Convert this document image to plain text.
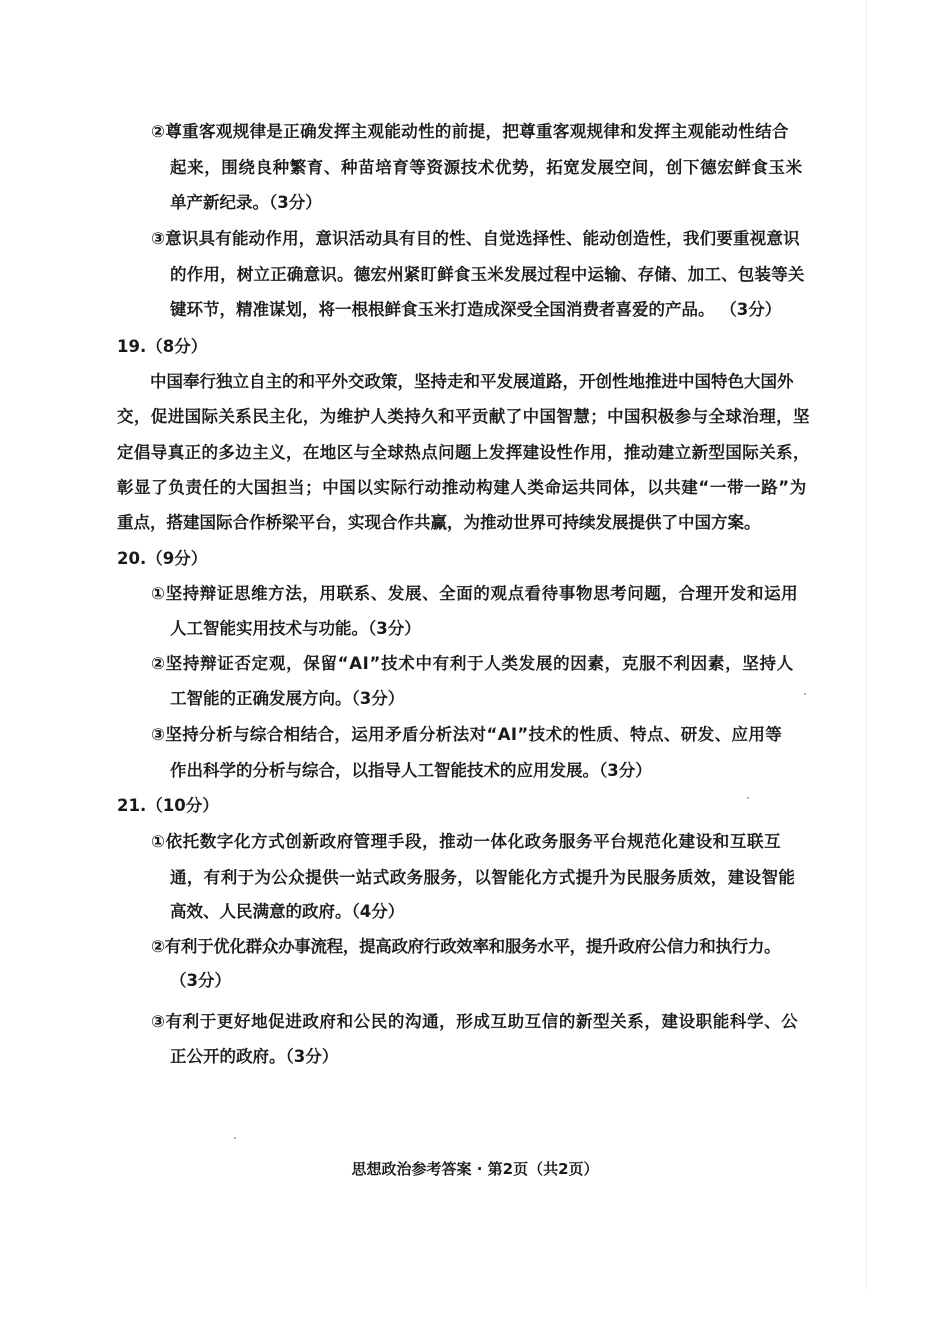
②尊重客观规律是正确发挥主观能动性的前提，把尊重客观规律和发挥主观能动性结合
起来，围绕良种繁育、种苗培育等资源技术优势，拓宽发展空间，创下德宏鲜食玉米
单产新纪录。（3分）
③意识具有能动作用，意识活动具有目的性、自觉选择性、能动创造性，我们要重视意识
的作用，树立正确意识。德宏州紧盯鲜食玉米发展过程中运输、存储、加工、包装等关
键环节，精准谋划，将一根根鲜食玉米打造成深受全国消费者喜爱的产品。 （3分）
19.（8分）
中国奉行独立自主的和平外交政策，坚持走和平发展道路，开创性地推进中国特色大国外
交，促进国际关系民主化，为维护人类持久和平贡献了中国智慧；中国积极参与全球治理，坚
定倡导真正的多边主义，在地区与全球热点问题上发挥建设性作用，推动建立新型国际关系，
彰显了负责任的大国担当；中国以实际行动推动构建人类命运共同体，以共建“一带一路”为
重点，搭建国际合作桥梁平台，实现合作共赢，为推动世界可持续发展提供了中国方案。
20.（9分）
①坚持辩证思维方法，用联系、发展、全面的观点看待事物思考问题，合理开发和运用
人工智能实用技术与功能。（3分）
②坚持辩证否定观，保留“AI”技术中有利于人类发展的因素，克服不利因素，坚持人
工智能的正确发展方向。（3分）
③坚持分析与综合相结合，运用矛盾分析法对“AI”技术的性质、特点、研发、应用等
作出科学的分析与综合，以指导人工智能技术的应用发展。（3分）
21.（10分）
①依托数字化方式创新政府管理手段，推动一体化政务服务平台规范化建设和互联互
通，有利于为公众提供一站式政务服务，以智能化方式提升为民服务质效，建设智能
高效、人民满意的政府。（4分）
②有利于优化群众办事流程，提高政府行政效率和服务水平，提升政府公信力和执行力。
（3分）
③有利于更好地促进政府和公民的沟通，形成互助互信的新型关系，建设职能科学、公
正公开的政府。（3分）
思想政治参考答案 · 第2页（共2页）
